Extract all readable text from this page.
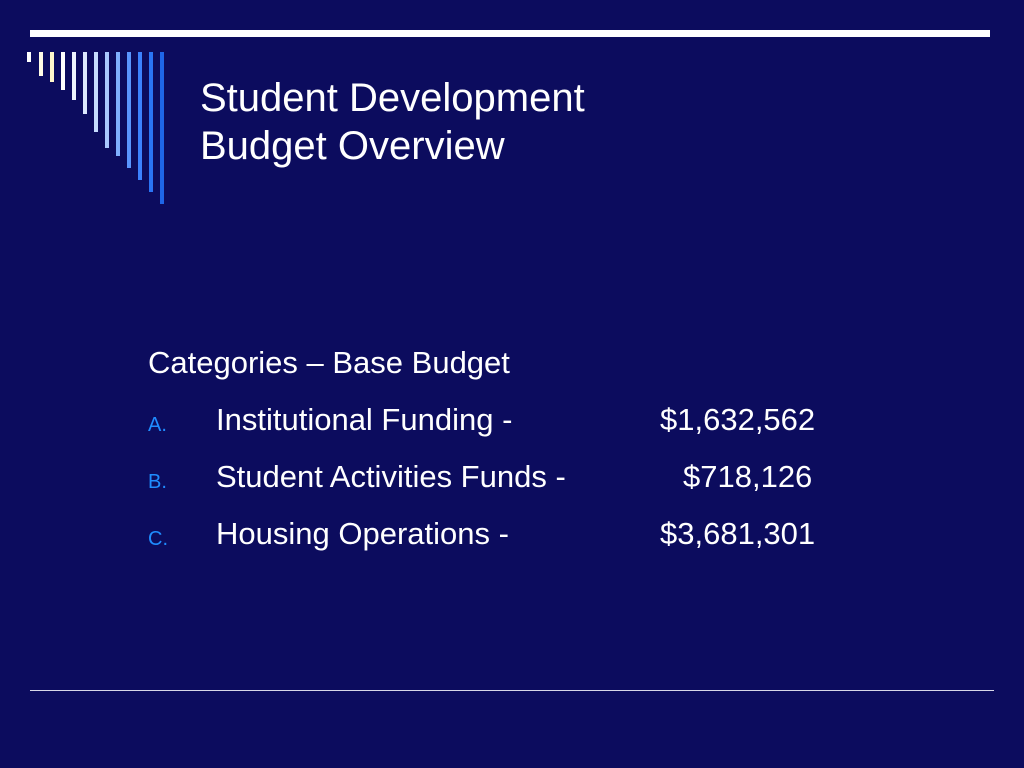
Student Development
Budget Overview
Categories – Base Budget
A. Institutional Funding -	$1,632,562
B. Student Activities Funds -	$718,126
C. Housing Operations -	$3,681,301
